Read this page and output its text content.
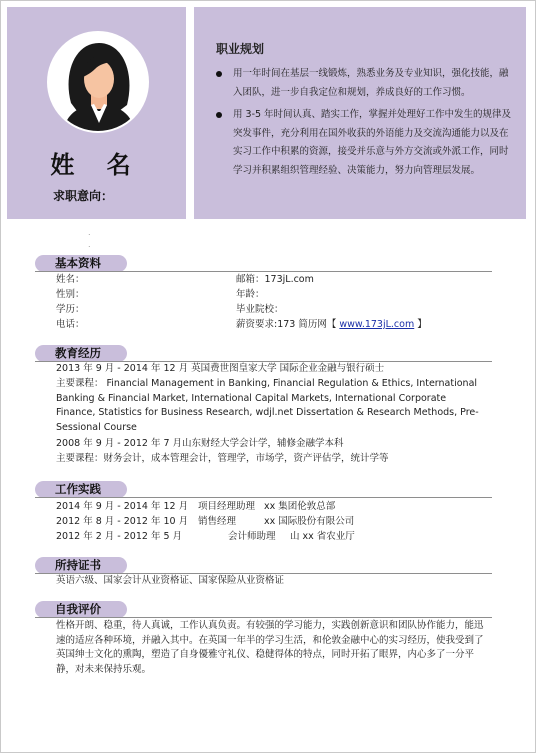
姓 名
求职意向：
职业规划
用一年时间在基层一线锻炼，熟悉业务及专业知识，强化技能，融入团队，进一步自我定位和规划，养成良好的工作习惯。
用 3-5 年时间认真、踏实工作，掌握并处理好工作中发生的规律及突发事件，充分利用在国外收获的外语能力及交流沟通能力以及在实习工作中积累的资源，接受并乐意与外方交流或外派工作，同时学习并积累组织管理经验、决策能力，努力向管理层发展。
.
.
基本资料
姓名：
性别：
学历：
电话：
邮箱：173jL.com
年龄：
毕业院校：
薪资要求:173 简历网【 www.173jL.com 】
教育经历
2013 年 9 月 - 2014 年 12 月 英国费世图皇家大学 国际企业金融与银行硕士
主要课程： Financial Management in Banking, Financial Regulation & Ethics, International Banking & Financial Market, International Capital Markets, International Corporate Finance, Statistics for Business Research, wdjl.net Dissertation & Research Methods, Pre-Sessional Course
2008 年 9 月 - 2012 年 7 月山东财经大学会计学，辅修金融学本科
主要课程：财务会计，成本管理会计，管理学，市场学，资产评估学，统计学等
工作实践
2014 年 9 月 - 2014 年 12 月 项目经理助理 xx 集团伦敦总部
2012 年 8 月 - 2012 年 10 月 销售经理	xx 国际股份有限公司
2012 年 2 月 - 2012 年 5 月	会计师助理 山 xx 省农业厅
所持证书
英语六级、国家会计从业资格证、国家保险从业资格证
自我评价
性格开朗、稳重，待人真诚，工作认真负责。有较强的学习能力，实践创新意识和团队协作能力，能迅速的适应各种环境，并融入其中。在英国一年半的学习生活，和伦敦金融中心的实习经历，使我受到了英国绅士文化的熏陶，塑造了自身優雅守礼仪、稳健得体的特点，同时开拓了眼界，内心多了一分平静，对未来保持乐观。
